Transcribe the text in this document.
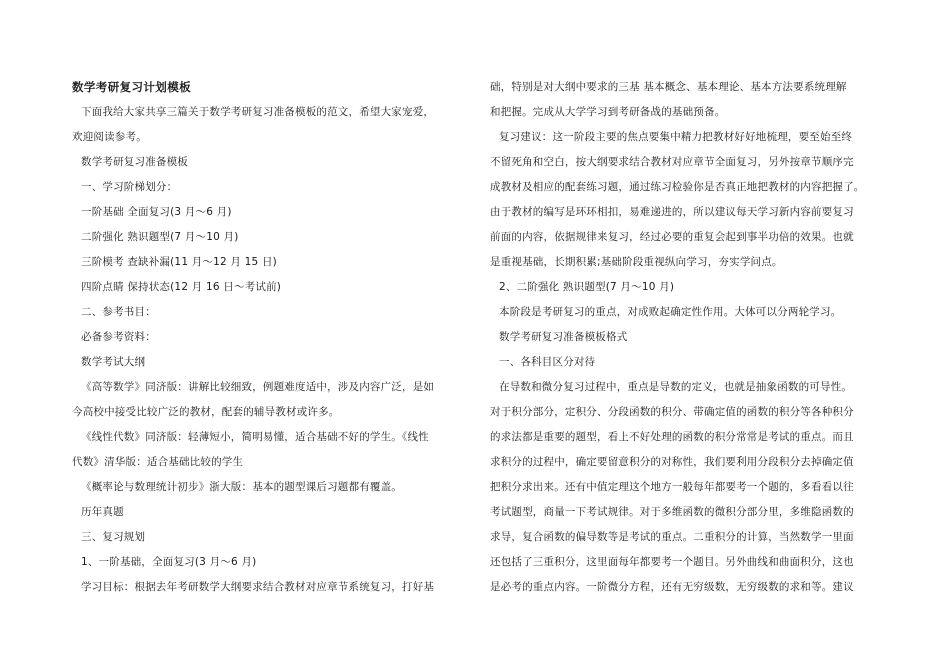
数学考研复习计划模板
下面我给大家共享三篇关于数学考研复习准备模板的范文，希望大家宠爱，
欢迎阅读参考。
数学考研复习准备模板
一、学习阶梯划分：
一阶基础 全面复习(3 月～6 月)
二阶强化 熟识题型(7 月～10 月)
三阶模考 查缺补漏(11 月～12 月 15 日)
四阶点睛 保持状态(12 月 16 日～考试前)
二、参考书目：
必备参考资料：
数学考试大纲
《高等数学》同济版：讲解比较细致，例题难度适中，涉及内容广泛，是如
今高校中接受比较广泛的教材，配套的辅导教材或许多。
《线性代数》同济版：轻薄短小，简明易懂，适合基础不好的学生。《线性
代数》清华版：适合基础比较的学生
《概率论与数理统计初步》浙大版：基本的题型课后习题都有覆盖。
历年真题
三、复习规划
1、一阶基础，全面复习(3 月～6 月)
学习目标：根据去年考研数学大纲要求结合教材对应章节系统复习，打好基
础，特别是对大纲中要求的三基 基本概念、基本理论、基本方法要系统理解
和把握。完成从大学学习到考研备战的基础预备。
复习建议：这一阶段主要的焦点要集中精力把教材好好地梳理，要至始至终
不留死角和空白，按大纲要求结合教材对应章节全面复习，另外按章节顺序完
成教材及相应的配套练习题，通过练习检验你是否真正地把教材的内容把握了。
由于教材的编写是环环相扣，易难递进的，所以建议每天学习新内容前要复习
前面的内容，依据规律来复习，经过必要的重复会起到事半功倍的效果。也就
是重视基础，长期积累;基础阶段重视纵向学习，夯实学问点。
2、二阶强化 熟识题型(7 月～10 月)
本阶段是考研复习的重点，对成败起确定性作用。大体可以分两轮学习。
数学考研复习准备模板格式
一、各科目区分对待
在导数和微分复习过程中，重点是导数的定义，也就是抽象函数的可导性。
对于积分部分，定积分、分段函数的积分、带确定值的函数的积分等各种积分
的求法都是重要的题型，看上不好处理的函数的积分常常是考试的重点。而且
求积分的过程中，确定要留意积分的对称性，我们要利用分段积分去掉确定值
把积分求出来。还有中值定理这个地方一般每年都要考一个题的，多看看以往
考试题型，商量一下考试规律。对于多维函数的微积分部分里，多维隐函数的
求导，复合函数的偏导数等是考试的重点。二重积分的计算，当然数学一里面
还包括了三重积分，这里面每年都要考一个题目。另外曲线和曲面积分，这也
是必考的重点内容。一阶微分方程，还有无穷级数，无穷级数的求和等。建议
